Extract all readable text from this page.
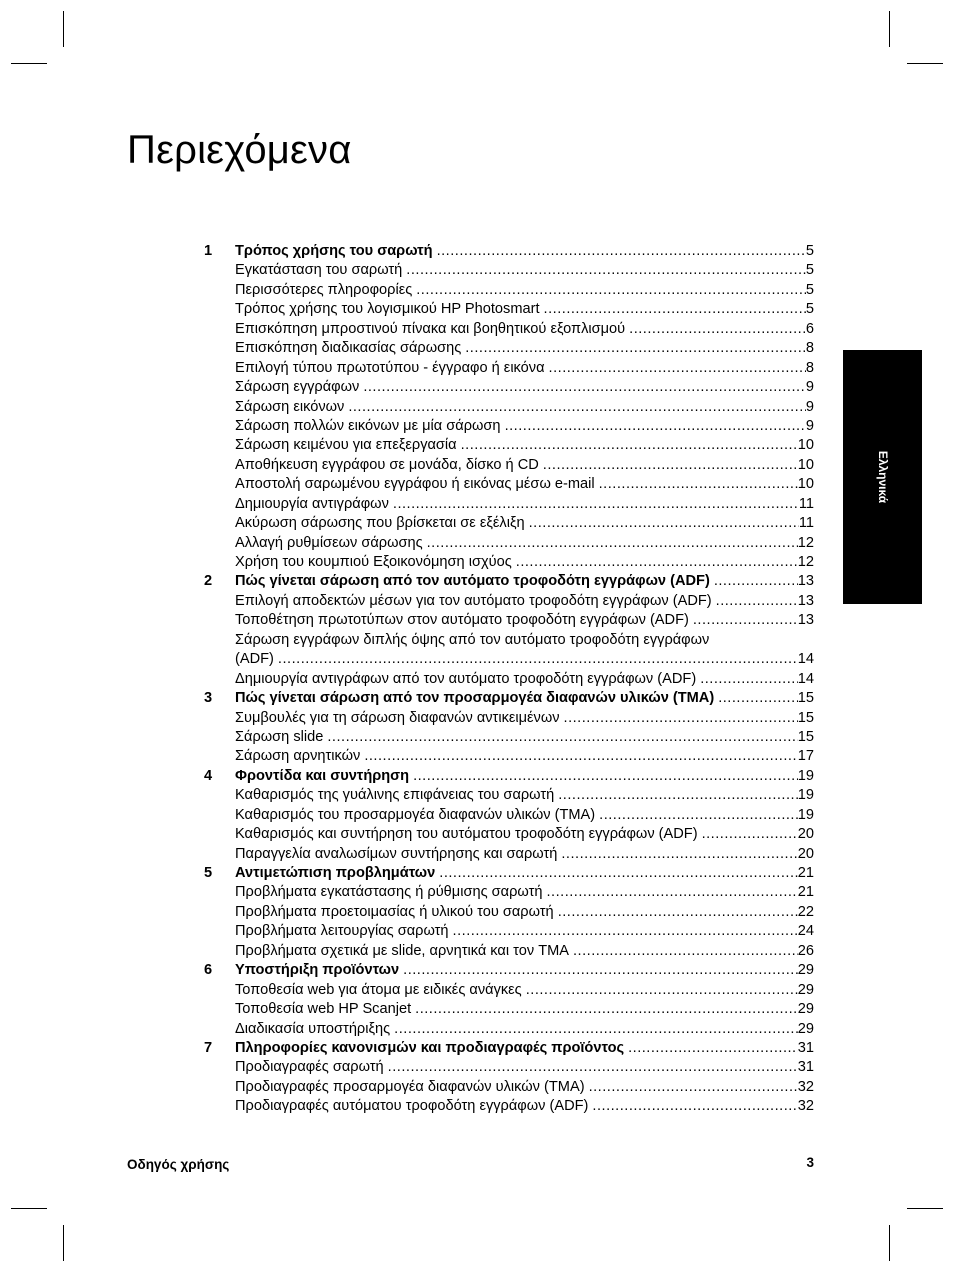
Περιεχόμενα
1 Τρόπος χρήσης του σαρωτή .....	5
Εγκατάσταση του σαρωτή .....	5
Περισσότερες πληροφορίες .....	5
Τρόπος χρήσης του λογισμικού HP Photosmart .....	5
Επισκόπηση μπροστινού πίνακα και βοηθητικού εξοπλισμού .....	6
Επισκόπηση διαδικασίας σάρωσης .....	8
Επιλογή τύπου πρωτοτύπου - έγγραφο ή εικόνα .....	8
Σάρωση εγγράφων .....	9
Σάρωση εικόνων .....	9
Σάρωση πολλών εικόνων με μία σάρωση .....	9
Σάρωση κειμένου για επεξεργασία .....	10
Αποθήκευση εγγράφου σε μονάδα, δίσκο ή CD .....	10
Αποστολή σαρωμένου εγγράφου ή εικόνας μέσω e-mail .....	10
Δημιουργία αντιγράφων .....	11
Ακύρωση σάρωσης που βρίσκεται σε εξέλιξη .....	11
Αλλαγή ρυθμίσεων σάρωσης .....	12
Χρήση του κουμπιού Εξοικονόμηση ισχύος .....	12
2 Πώς γίνεται σάρωση από τον αυτόματο τροφοδότη εγγράφων (ADF) .....	13
Επιλογή αποδεκτών μέσων για τον αυτόματο τροφοδότη εγγράφων (ADF) .....	13
Τοποθέτηση πρωτοτύπων στον αυτόματο τροφοδότη εγγράφων (ADF) .....	13
Σάρωση εγγράφων διπλής όψης από τον αυτόματο τροφοδότη εγγράφων
(ADF) .....	14
Δημιουργία αντιγράφων από τον αυτόματο τροφοδότη εγγράφων (ADF) .....	14
3 Πώς γίνεται σάρωση από τον προσαρμογέα διαφανών υλικών (TMA) .....	15
Συμβουλές για τη σάρωση διαφανών αντικειμένων .....	15
Σάρωση slide .....	15
Σάρωση αρνητικών .....	17
4 Φροντίδα και συντήρηση .....	19
Καθαρισμός της γυάλινης επιφάνειας του σαρωτή .....	19
Καθαρισμός του προσαρμογέα διαφανών υλικών (TMA) .....	19
Καθαρισμός και συντήρηση του αυτόματου τροφοδότη εγγράφων (ADF) .....	20
Παραγγελία αναλωσίμων συντήρησης και σαρωτή .....	20
5 Αντιμετώπιση προβλημάτων .....	21
Προβλήματα εγκατάστασης ή ρύθμισης σαρωτή .....	21
Προβλήματα προετοιμασίας ή υλικού του σαρωτή .....	22
Προβλήματα λειτουργίας σαρωτή .....	24
Προβλήματα σχετικά με slide, αρνητικά και τον TMA .....	26
6 Υποστήριξη προϊόντων .....	29
Τοποθεσία web για άτομα με ειδικές ανάγκες .....	29
Τοποθεσία web HP Scanjet .....	29
Διαδικασία υποστήριξης .....	29
7 Πληροφορίες κανονισμών και προδιαγραφές προϊόντος .....	31
Προδιαγραφές σαρωτή .....	31
Προδιαγραφές προσαρμογέα διαφανών υλικών (TMA) .....	32
Προδιαγραφές αυτόματου τροφοδότη εγγράφων (ADF) .....	32
Ελληνικά
Οδηγός χρήσης	3
